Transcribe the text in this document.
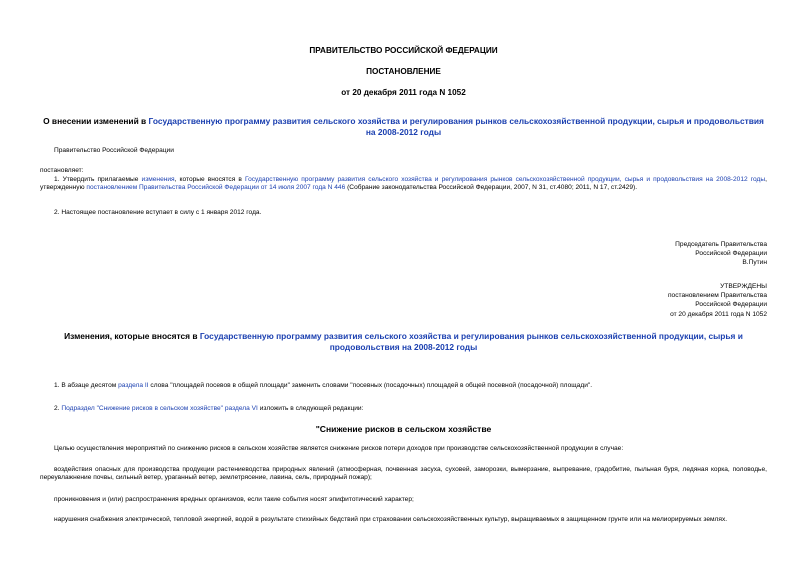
ПРАВИТЕЛЬСТВО РОССИЙСКОЙ ФЕДЕРАЦИИ
ПОСТАНОВЛЕНИЕ
от 20 декабря 2011 года N 1052
О внесении изменений в Государственную программу развития сельского хозяйства и регулирования рынков сельскохозяйственной продукции, сырья и продовольствия на 2008-2012 годы
Правительство Российской Федерации
постановляет:
1. Утвердить прилагаемые изменения, которые вносятся в Государственную программу развития сельского хозяйства и регулирования рынков сельскохозяйственной продукции, сырья и продовольствия на 2008-2012 годы, утвержденную постановлением Правительства Российской Федерации от 14 июля 2007 года N 446 (Собрание законодательства Российской Федерации, 2007, N 31, ст.4080; 2011, N 17, ст.2429).
2. Настоящее постановление вступает в силу с 1 января 2012 года.
Председатель Правительства
Российской Федерации
В.Путин
УТВЕРЖДЕНЫ
постановлением Правительства
Российской Федерации
от 20 декабря 2011 года N 1052
Изменения, которые вносятся в Государственную программу развития сельского хозяйства и регулирования рынков сельскохозяйственной продукции, сырья и продовольствия на 2008-2012 годы
1. В абзаце десятом раздела II слова "площадей посевов в общей площади" заменить словами "посевных (посадочных) площадей в общей посевной (посадочной) площади".
2. Подраздел "Снижение рисков в сельском хозяйстве" раздела VI изложить в следующей редакции:
"Снижение рисков в сельском хозяйстве
Целью осуществления мероприятий по снижению рисков в сельском хозяйстве является снижение рисков потери доходов при производстве сельскохозяйственной продукции в случае:
воздействия опасных для производства продукции растениеводства природных явлений (атмосферная, почвенная засуха, суховей, заморозки, вымерзание, выпревание, градобитие, пыльная буря, ледяная корка, половодье, переувлажнение почвы, сильный ветер, ураганный ветер, землетрясение, лавина, сель, природный пожар);
проникновения и (или) распространения вредных организмов, если такие события носят эпифитотический характер;
нарушения снабжения электрической, тепловой энергией, водой в результате стихийных бедствий при страховании сельскохозяйственных культур, выращиваемых в защищенном грунте или на мелиорируемых землях.
